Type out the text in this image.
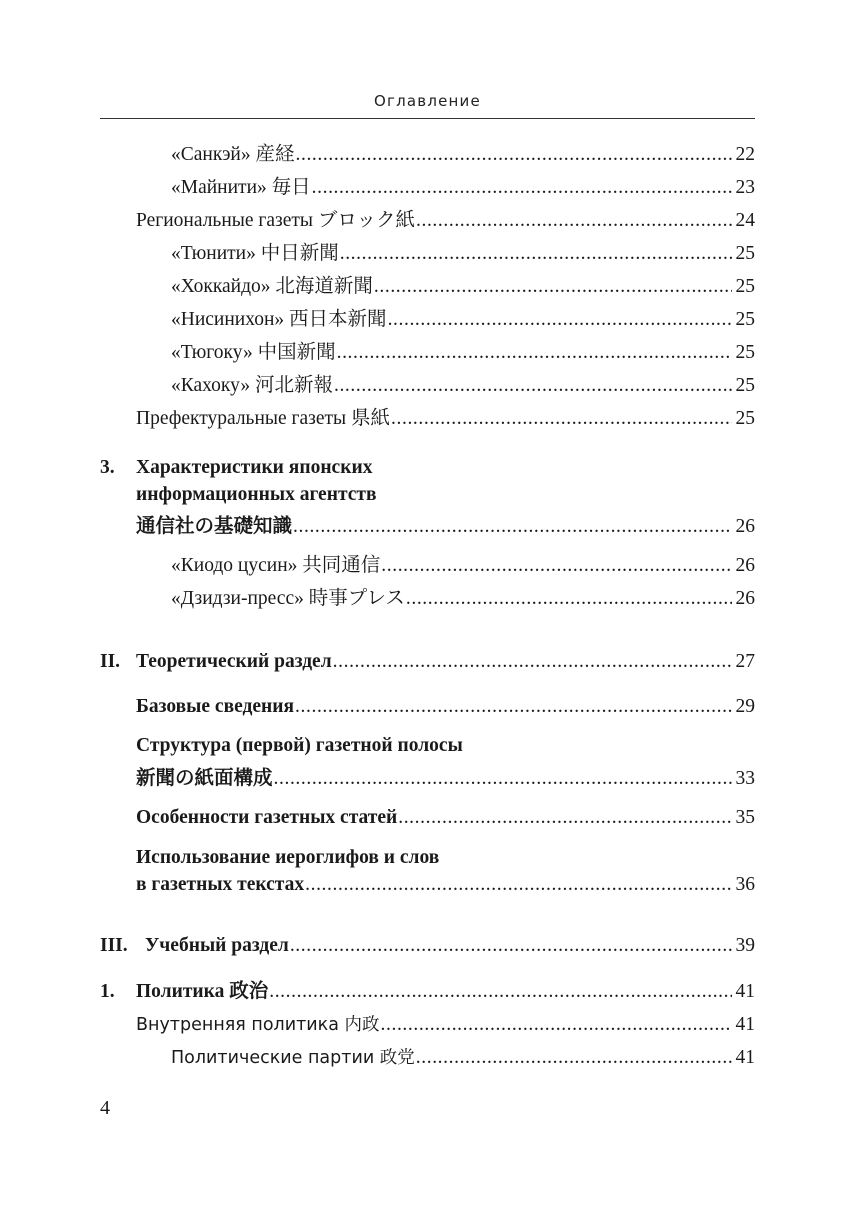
Оглавление
«Санкэй» 産経 .....	22
«Майнити» 毎日 .....	23
Региональные газеты ブロック紙 .....	24
«Тюнити» 中日新聞 .....	25
«Хоккайдо» 北海道新聞 .....	25
«Нисинихон» 西日本新聞 .....	25
«Тюгоку» 中国新聞 .....	25
«Кахоку» 河北新報 .....	25
Префектуральные газеты 県紙 .....	25
3. Характеристики японских
информационных агентств
通信社の基礎知識 .....	26
«Киодо цусин» 共同通信 .....	26
«Дзидзи-пресс» 時事プレス .....	26
II. Теоретический раздел .....	27
Базовые сведения .....	29
Структура (первой) газетной полосы
新聞の紙面構成 .....	33
Особенности газетных статей .....	35
Использование иероглифов и слов
в газетных текстах .....	36
III. Учебный раздел .....	39
1. Политика 政治 .....	41
Внутренняя политика 内政 .....	41
Политические партии 政党 .....	41
4
